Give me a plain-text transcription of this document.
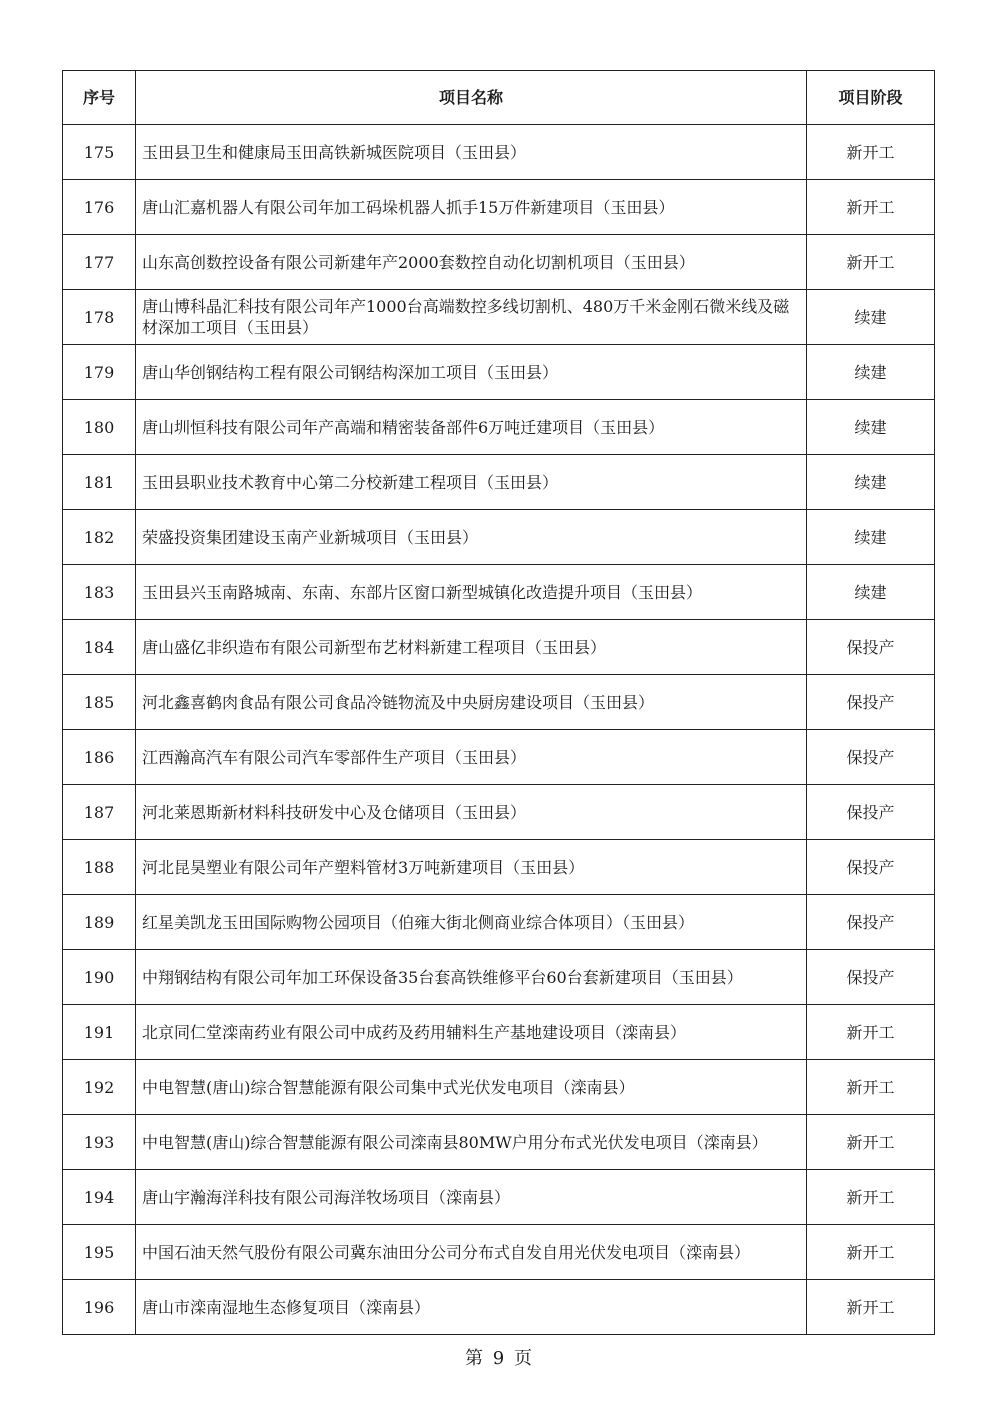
序号	项目名称	项目阶段
175	玉田县卫生和健康局玉田高铁新城医院项目（玉田县）	新开工
176	唐山汇嘉机器人有限公司年加工码垛机器人抓手15万件新建项目（玉田县）	新开工
177	山东高创数控设备有限公司新建年产2000套数控自动化切割机项目（玉田县）	新开工
178	唐山博科晶汇科技有限公司年产1000台高端数控多线切割机、480万千米金刚石微米线及磁材深加工项目（玉田县）	续建
179	唐山华创钢结构工程有限公司钢结构深加工项目（玉田县）	续建
180	唐山圳恒科技有限公司年产高端和精密装备部件6万吨迁建项目（玉田县）	续建
181	玉田县职业技术教育中心第二分校新建工程项目（玉田县）	续建
182	荣盛投资集团建设玉南产业新城项目（玉田县）	续建
183	玉田县兴玉南路城南、东南、东部片区窗口新型城镇化改造提升项目（玉田县）	续建
184	唐山盛亿非织造布有限公司新型布艺材料新建工程项目（玉田县）	保投产
185	河北鑫喜鹤肉食品有限公司食品冷链物流及中央厨房建设项目（玉田县）	保投产
186	江西瀚高汽车有限公司汽车零部件生产项目（玉田县）	保投产
187	河北莱恩斯新材料科技研发中心及仓储项目（玉田县）	保投产
188	河北昆昊塑业有限公司年产塑料管材3万吨新建项目（玉田县）	保投产
189	红星美凯龙玉田国际购物公园项目（伯雍大街北侧商业综合体项目）（玉田县）	保投产
190	中翔钢结构有限公司年加工环保设备35台套高铁维修平台60台套新建项目（玉田县）	保投产
191	北京同仁堂滦南药业有限公司中成药及药用辅料生产基地建设项目（滦南县）	新开工
192	中电智慧(唐山)综合智慧能源有限公司集中式光伏发电项目（滦南县）	新开工
193	中电智慧(唐山)综合智慧能源有限公司滦南县80MW户用分布式光伏发电项目（滦南县）	新开工
194	唐山宇瀚海洋科技有限公司海洋牧场项目（滦南县）	新开工
195	中国石油天然气股份有限公司冀东油田分公司分布式自发自用光伏发电项目（滦南县）	新开工
196	唐山市滦南湿地生态修复项目（滦南县）	新开工
第 9 页
